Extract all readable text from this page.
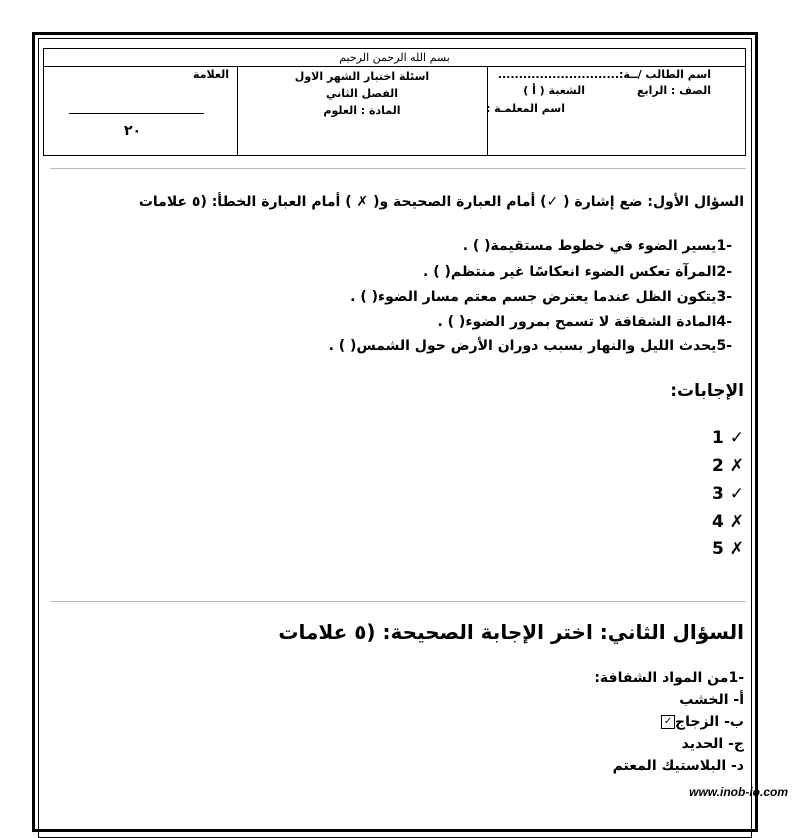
بسم الله الرحمن الرحيم
العلامة
٢٠
اسئلة اختبار الشهر الاول
الفصل الثاني
المادة : العلوم
اسم الطالب /ــة:.............................
الصف : الرابع
الشعبة ( أ )
اسم المعلمـة :
السؤال الأول: ضع إشارة ( ✓) أمام العبارة الصحيحة و( ✗ ) أمام العبارة الخطأ: (٥ علامات
-1يسير الضوء في خطوط مستقيمة( ) .
-2المرآة تعكس الضوء انعكاسًا غير منتظم( ) .
-3يتكون الظل عندما يعترض جسم معتم مسار الضوء( ) .
-4المادة الشفافة لا تسمح بمرور الضوء( ) .
-5يحدث الليل والنهار بسبب دوران الأرض حول الشمس( ) .
الإجابات:
1 ✓
2 ✗
3 ✓
4 ✗
5 ✗
السؤال الثاني: اختر الإجابة الصحيحة: (٥ علامات
-1من المواد الشفافة:
أ- الخشب
ب- الزجاج✓
ج- الحديد
د- البلاستيك المعتم
www.inob-io.com
